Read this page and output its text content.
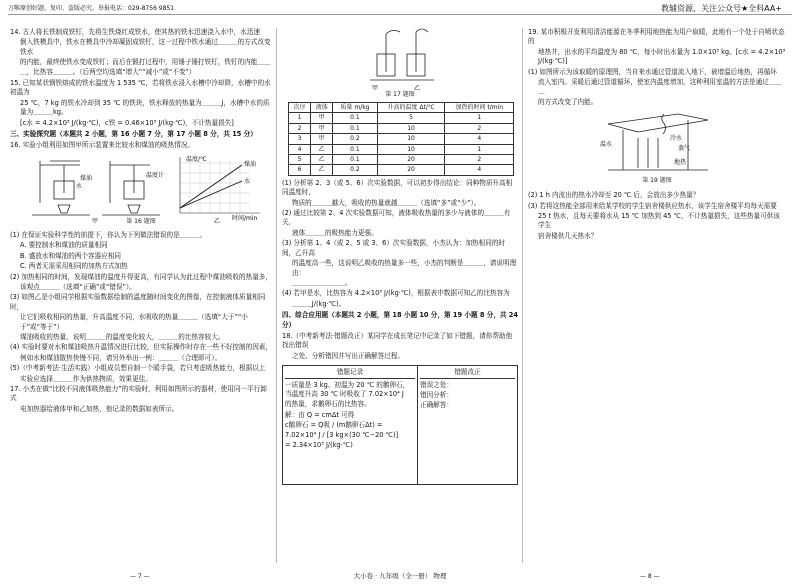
万唯原创好题，复印、盗版必究。举报电话：029-8756 9851	教辅资源，关注公众号★全科AA+
14. 古人将长铁制成铁钉，先将生铁烧红成铁水，使其热的铁水迅速浇入水中，水迅速
倒入铁模具中，铁水在模具中冷却凝固成铁钉，这一过程中铁水通过＿＿＿的方式改变铁水
的内能，最终使铁水变成铁钉；而后在锻打过程中，用锤子锤打铁钉，铁钉的内能＿＿＿，比热容＿＿＿。（后两空均选填“增大”“减小”或“不变”）
15. 已知某状钢铁熔成的铁水温度为 1 535 ℃，若将铁水浸入水槽中冷却降，水槽中的水初温为
25 ℃，7 kg 的铁水冷却到 35 ℃ 的铁块，铁水释放的热量为＿＿＿J，水槽中水的质量为＿＿＿kg。
[c水 = 4.2×10³ J/(kg·℃)，c铁 = 0.46×10³ J/(kg·℃)，不计热量损失]
三、实验探究题（本题共 2 小题，第 16 小题 7 分，第 17 小题 8 分，共 15 分）
16. 实验小组利用如图甲所示装置来比较水和煤油的吸热情况。
水
煤油	温度计
甲
温度/℃
煤油
水
时间/min
乙
第 16 题图
(1) 在保证实验科学性的前提下，你认为下列做法错误的是＿＿＿。
A. 要控制水和煤油的质量相同
B. 盛放水和煤油的两个容器应相同
C. 两者无需采用相同的加热方式加热
(2) 加热相同的时间，发现煤油的温度升得更高，有同学认为此过程中煤油吸收的热量多，
该观点＿＿＿（选填“正确”或“错误”）。
(3) 如图乙是小组同学根据实验数据绘制的温度随时间变化的图像，在控制液体质量相同时，
让它们吸收相同的热量，升高温度不同，水吸收的热量＿＿＿（选填“大于”“小于”或“等于”）
煤油吸收的热量，说明＿＿＿的温度变化较大，＿＿＿的比热容较大。
(4) 实验时要对水和煤油吸热升温情况进行比较，但实际操作时存在一些不好控制的因素，
例如水和煤油散热快慢不同，请另外举出一例：＿＿＿（合理即可）。
(5)（中考新考法·生活实践）小组成员想自制一个暖手袋，若只考虑吸热能力，根据以上
实验应选择＿＿＿作为供热物质，效果更佳。
17. 小杰在做“比较不同液体吸热能力”的实验时，利用如图所示的器材，使用同一平行卸式
电加热器给液体甲和乙加热，他记录的数据如表所示。
甲	乙
第 17 题图
次序	液体	质量 m/kg	升高的温度 Δt/℃	加热的时间 t/min
1	甲	0.1	5	1
2	甲	0.1	10	2
3	甲	0.2	10	4
4	乙	0.1	10	1
5	乙	0.1	20	2
6	乙	0.2	20	4
(1) 分析第 2、3（或 5、6）次实验数据，可以初步得出结论：同种物质升高相同温度时，
物质的＿＿＿越大，吸收的热量就越＿＿＿（选填“多”或“少”）。
(2) 通过比较第 2、4 次实验数据可知，液体吸收热量的多少与液体的＿＿＿有关，
液体＿＿＿的吸热能力更强。
(3) 分析第 1、4（或 2、5 或 3、6）次实验数据，小杰认为：加热相同的时间，乙升高
的温度高一些，这说明乙吸收的热量多一些，小杰的判断是＿＿＿，请说明理由：
＿＿＿＿＿＿＿＿。
(4) 若甲是水，比热容为 4.2×10³ J/(kg·℃)，根据表中数据可知乙的比热容为
＿＿＿J/(kg·℃)。
四、综合应用题（本题共 2 小题，第 18 小题 10 分，第 19 小题 8 分，共 24 分）
18.（中考新考法·错题改正）某同学在成长笔记中记录了如下错题，请你帮助他找出错误
之处、分析错因并写出正确解答过程。
错题记录
一质量是 3 kg、初温为 20 ℃ 的鹅卵石，当温度升高 30 ℃ 时吸收了 7.02×10⁴ J
的热量，求鹅卵石的比热容。
解：由 Q = cmΔt 可得
c鹅卵石 = Q吸 / (m鹅卵石Δt) = 7.02×10⁴ J / [3 kg×(30 ℃−20 ℃)]
= 2.34×10³ J/(kg·℃)
错题改正
错误之处：
错因分析：
正确解答：
19. 某市积极开发利用清洁能源在冬季利用地热能为用户取暖，此地有一个处于自喷状态的
地热井，出水的平均温度为 80 ℃，每小时出水量为 1.0×10⁵ kg。[c水 = 4.2×10³ J/(kg·℃)]
(1) 如图所示为该取暖的原理图，当自来水通过管道流入地下，被增温后地热，再循环
流入室内。采暖后通过管道循环，使室内温度增加，这种利用室温的方法是通过＿＿＿
的方式改变了内能。
温水
冷水
蒸气
地热
第 19 题图
(2) 1 h 内流出的热水冷却至 20 ℃ 后，会放出多少热量？
(3) 若将这热能全部用来给某学校的学生宿舍楼供应热水，该学生宿舍楼平均每天需要
25 t 热水，且每天要将水从 15 ℃ 加热到 45 ℃，不计热量损失，这些热量可供该学生
宿舍楼供几天热水？
大小卷 · 九年级（全一册） 物理
— 7 —	— 8 —
